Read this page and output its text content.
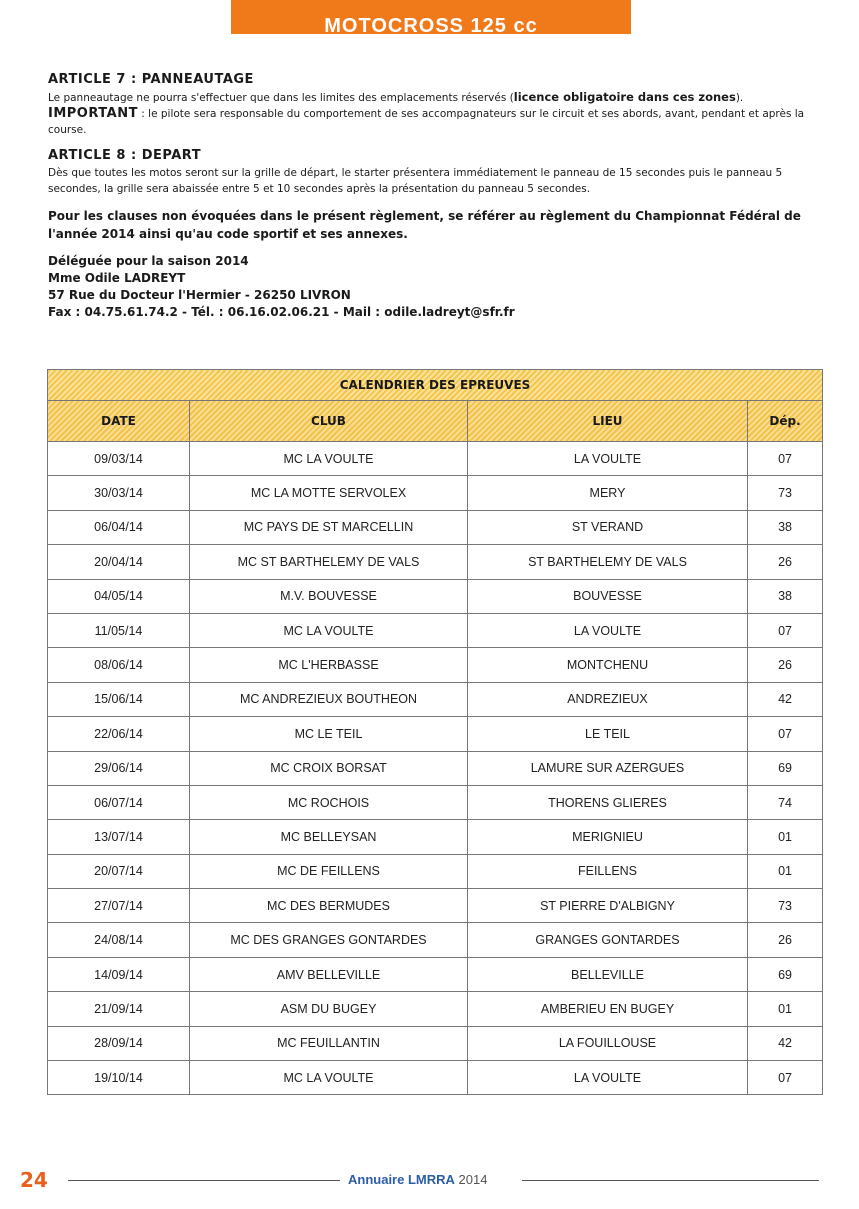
MOTOCROSS 125 cc

ARTICLE 7 : PANNEAUTAGE

Le panneautage ne pourra s'effectuer que dans les limites des emplacements réservés (licence obligatoire dans ces zones).
IMPORTANT : le pilote sera responsable du comportement de ses accompagnateurs sur le circuit et ses abords, avant, pendant et après la course.

ARTICLE 8 : DEPART

Dès que toutes les motos seront sur la grille de départ, le starter présentera immédiatement le panneau de 15 secondes puis le panneau 5 secondes, la grille sera abaissée entre 5 et 10 secondes après la présentation du panneau 5 secondes.

Pour les clauses non évoquées dans le présent règlement, se référer au règlement du Championnat Fédéral de l'année 2014 ainsi qu'au code sportif et ses annexes.

Déléguée pour la saison 2014

Mme Odile LADREYT

57 Rue du Docteur l'Hermier - 26250 LIVRON

Fax : 04.75.61.74.2 - Tél. : 06.16.02.06.21 - Mail : odile.ladreyt@sfr.fr

CALENDRIER DES EPREUVES			
DATE	CLUB	LIEU	Dép.
09/03/14	MC LA VOULTE	LA VOULTE	07
30/03/14	MC LA MOTTE SERVOLEX	MERY	73
06/04/14	MC PAYS DE ST MARCELLIN	ST VERAND	38
20/04/14	MC ST BARTHELEMY DE VALS	ST BARTHELEMY DE VALS	26
04/05/14	M.V. BOUVESSE	BOUVESSE	38
11/05/14	MC LA VOULTE	LA VOULTE	07
08/06/14	MC L'HERBASSE	MONTCHENU	26
15/06/14	MC ANDREZIEUX BOUTHEON	ANDREZIEUX	42
22/06/14	MC LE TEIL	LE TEIL	07
29/06/14	MC CROIX BORSAT	LAMURE SUR AZERGUES	69
06/07/14	MC ROCHOIS	THORENS GLIERES	74
13/07/14	MC BELLEYSAN	MERIGNIEU	01
20/07/14	MC DE FEILLENS	FEILLENS	01
27/07/14	MC DES BERMUDES	ST PIERRE D'ALBIGNY	73
24/08/14	MC DES GRANGES GONTARDES	GRANGES GONTARDES	26
14/09/14	AMV BELLEVILLE	BELLEVILLE	69
21/09/14	ASM DU BUGEY	AMBERIEU EN BUGEY	01
28/09/14	MC FEUILLANTIN	LA FOUILLOUSE	42
19/10/14	MC LA VOULTE	LA VOULTE	07
24	Annuaire LMRRA 2014
